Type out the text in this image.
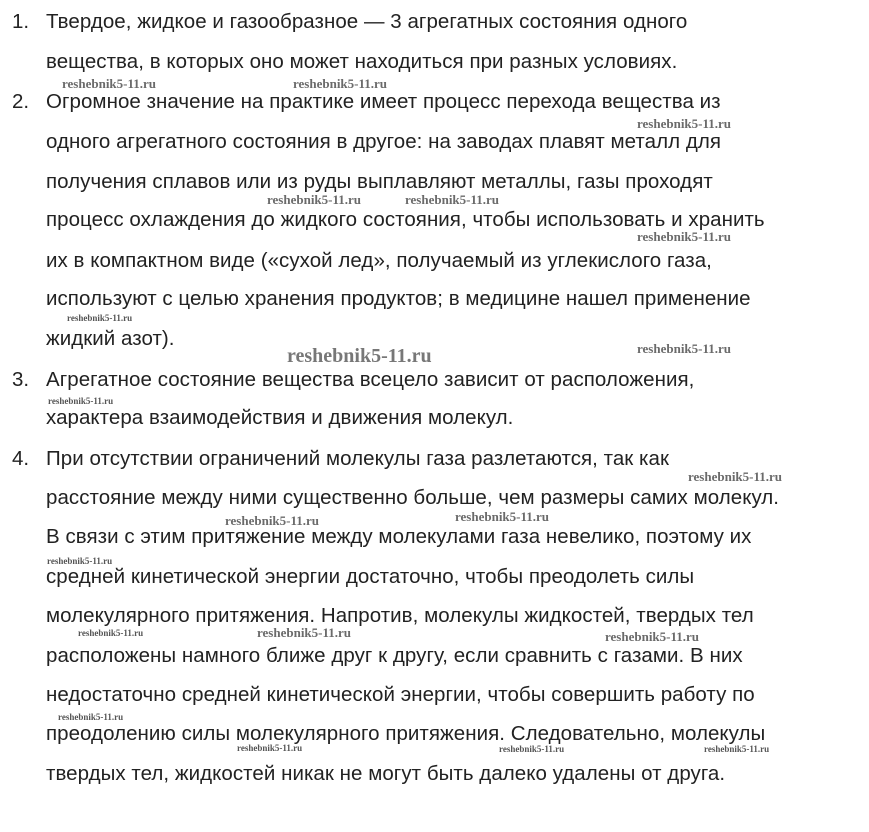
1. Твердое, жидкое и газообразное — 3 агрегатных состояния одного
вещества, в которых оно может находиться при разных условиях.
2. Огромное значение на практике имеет процесс перехода вещества из
одного агрегатного состояния в другое: на заводах плавят металл для
получения сплавов или из руды выплавляют металлы, газы проходят
процесс охлаждения до жидкого состояния, чтобы использовать и хранить
их в компактном виде («сухой лед», получаемый из углекислого газа,
используют с целью хранения продуктов; в медицине нашел применение
жидкий азот).
3. Агрегатное состояние вещества всецело зависит от расположения,
характера взаимодействия и движения молекул.
4. При отсутствии ограничений молекулы газа разлетаются, так как
расстояние между ними существенно больше, чем размеры самих молекул.
В связи с этим притяжение между молекулами газа невелико, поэтому их
средней кинетической энергии достаточно, чтобы преодолеть силы
молекулярного притяжения. Напротив, молекулы жидкостей, твердых тел
расположены намного ближе друг к другу, если сравнить с газами. В них
недостаточно средней кинетической энергии, чтобы совершить работу по
преодолению силы молекулярного притяжения. Следовательно, молекулы
твердых тел, жидкостей никак не могут быть далеко удалены от друга.
reshebnik5-11.ru	reshebnik5-11.ru
reshebnik5-11.ru
reshebnik5-11.ru	reshebnik5-11.ru
reshebnik5-11.ru
reshebnik5-11.ru
reshebnik5-11.ru
reshebnik5-11.ru
reshebnik5-11.ru
reshebnik5-11.ru
reshebnik5-11.ru
reshebnik5-11.ru
reshebnik5-11.ru
reshebnik5-11.ru	reshebnik5-11.ru	reshebnik5-11.ru
reshebnik5-11.ru
reshebnik5-11.ru	reshebnik5-11.ru	reshebnik5-11.ru
